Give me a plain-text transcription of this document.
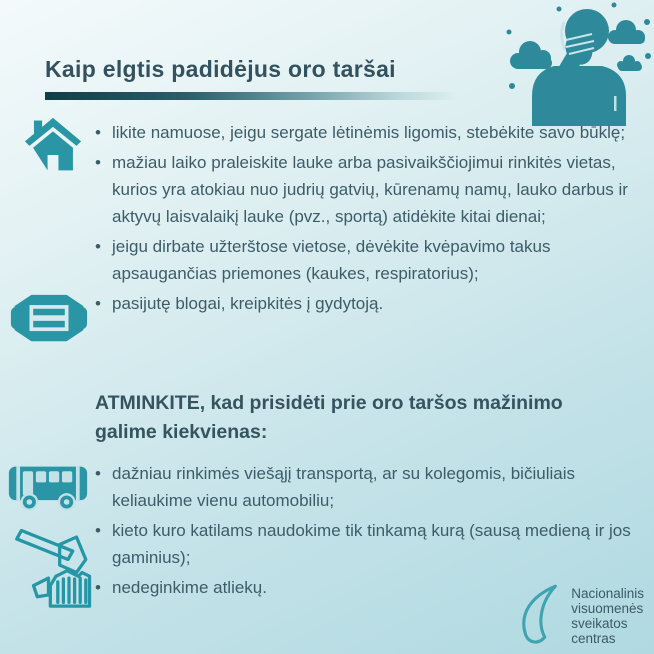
Kaip elgtis padidėjus oro taršai
• likite namuose, jeigu sergate lėtinėmis ligomis, stebėkite savo būklę;
• mažiau laiko praleiskite lauke arba pasivaikščiojimui rinkitės vietas, kurios yra atokiau nuo judrių gatvių, kūrenamų namų, lauko darbus ir aktyvų laisvalaikį lauke (pvz., sportą) atidėkite kitai dienai;
• jeigu dirbate užterštose vietose, dėvėkite kvėpavimo takus apsaugančias priemones (kaukes, respiratorius);
• pasijutę blogai, kreipkitės į gydytoją.
ATMINKITE, kad prisidėti prie oro taršos mažinimo galime kiekvienas:
• dažniau rinkimės viešąjį transportą, ar su kolegomis, bičiuliais keliaukime vienu automobiliu;
• kieto kuro katilams naudokime tik tinkamą kurą (sausą medieną ir jos gaminius);
• nedeginkime atliekų.	Nacionalinis
visuomenės
sveikatos
centras
